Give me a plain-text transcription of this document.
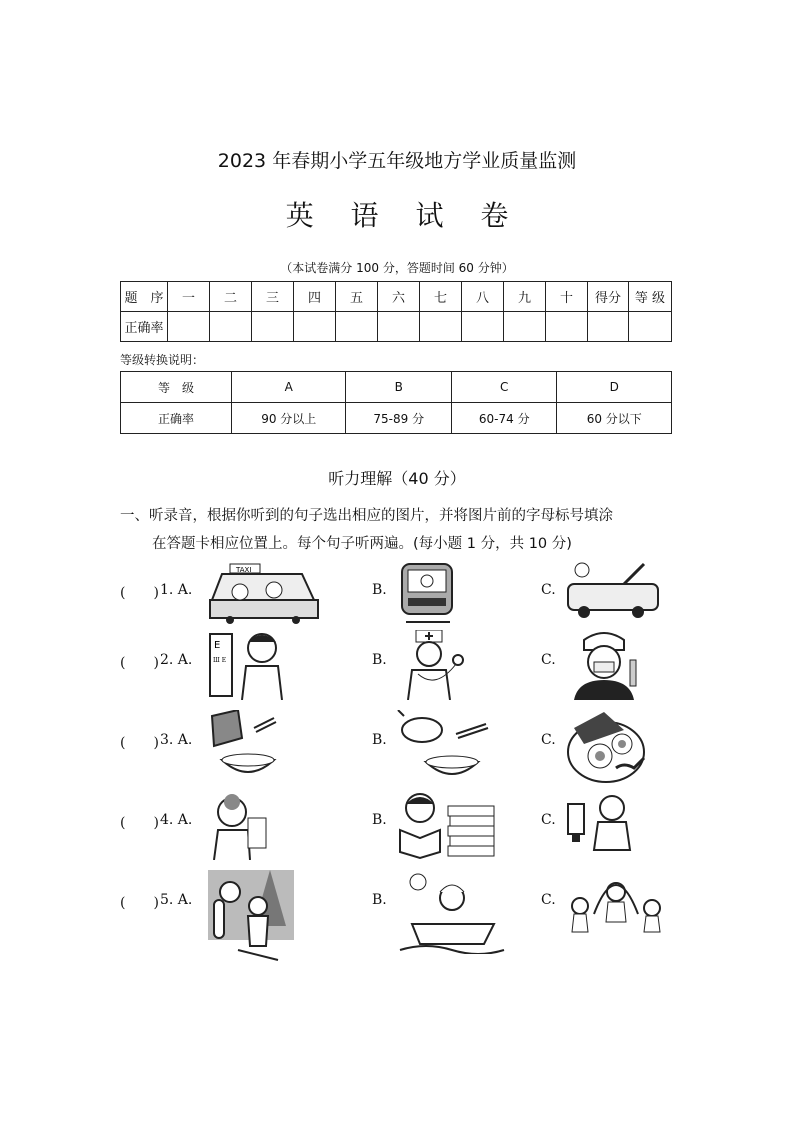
2023 年春期小学五年级地方学业质量监测
英 语 试 卷
（本试卷满分 100 分，答题时间 60 分钟）
题　序	一	二	三	四	五	六	七	八	九	十	得分	等 级
正确率												
等级转换说明：
等　级	A	B	C	D
正确率	90 分以上	75-89 分	60-74 分	60 分以下
听力理解（40 分）
一、听录音，根据你听到的句子选出相应的图片，并将图片前的字母标号填涂
在答题卡相应位置上。每个句子听两遍。(每小题 1 分，共 10 分)
(　　) 1. A.
TAXI
B.	C.
(　　) 2. A.
E
Ш E	B.	C.
(　　) 3. A.	B.	C.
(　　) 4. A.	B.	C.
(　　) 5. A.	B.	C.
